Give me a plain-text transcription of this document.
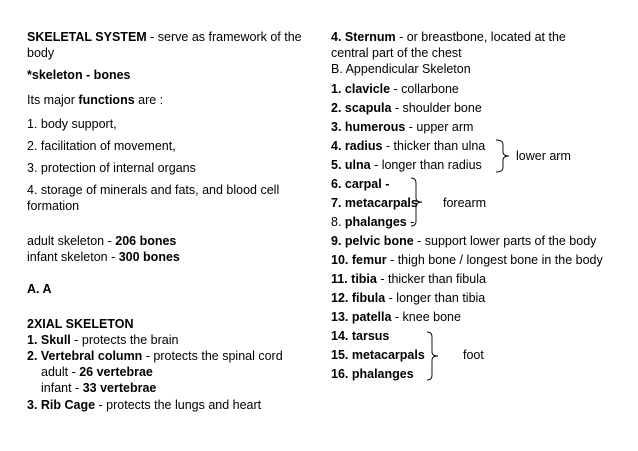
SKELETAL SYSTEM - serve as framework of the
body
*skeleton - bones
Its major functions are :
1. body support,
2. facilitation of movement,
3. protection of internal organs
4. storage of minerals and fats, and blood cell
formation
adult skeleton - 206 bones
infant skeleton - 300 bones
A. A
2XIAL SKELETON
1. Skull - protects the brain
2. Vertebral column - protects the spinal cord
adult - 26 vertebrae
infant - 33 vertebrae
3. Rib Cage - protects the lungs and heart
4. Sternum - or breastbone, located at the
central part of the chest
B. Appendicular Skeleton
1. clavicle - collarbone
2. scapula - shoulder bone
3. humerous - upper arm
4. radius - thicker than ulna
5. ulna - longer than radius
6. carpal -
7. metacarpals
8. phalanges -
9. pelvic bone - support lower parts of the body
10. femur - thigh bone / longest bone in the body
11. tibia - thicker than fibula
12. fibula - longer than tibia
13. patella - knee bone
14. tarsus
15. metacarpals
16. phalanges
lower arm
forearm
foot
